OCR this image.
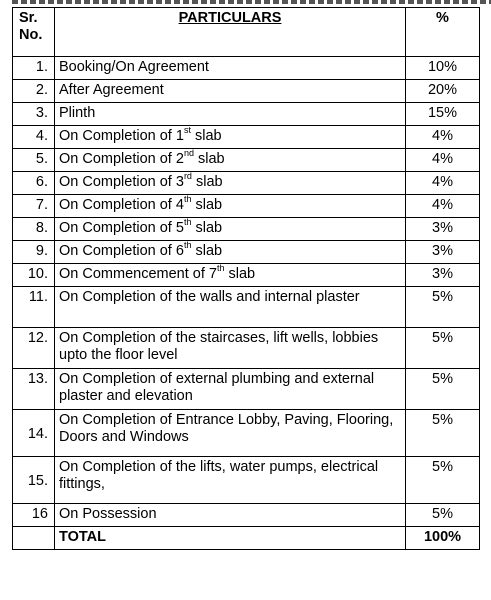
Sr.
No.	PARTICULARS	%
1.	Booking/On Agreement	10%
2.	After Agreement	20%
3.	Plinth	15%
4.	On Completion of 1st slab	4%
5.	On Completion of 2nd slab	4%
6.	On Completion of 3rd slab	4%
7.	On Completion of 4th slab	4%
8.	On Completion of 5th slab	3%
9.	On Completion of 6th slab	3%
10.	On Commencement of 7th slab	3%
11.	On Completion of the walls and internal plaster	5%
12.	On Completion of the staircases, lift wells, lobbies upto the floor level	5%
13.	On Completion of external plumbing and external plaster and elevation	5%
14.	On Completion of Entrance Lobby, Paving, Flooring, Doors and Windows	5%
15.	On Completion of the lifts, water pumps, electrical fittings,	5%
16	On Possession	5%
	TOTAL	100%
